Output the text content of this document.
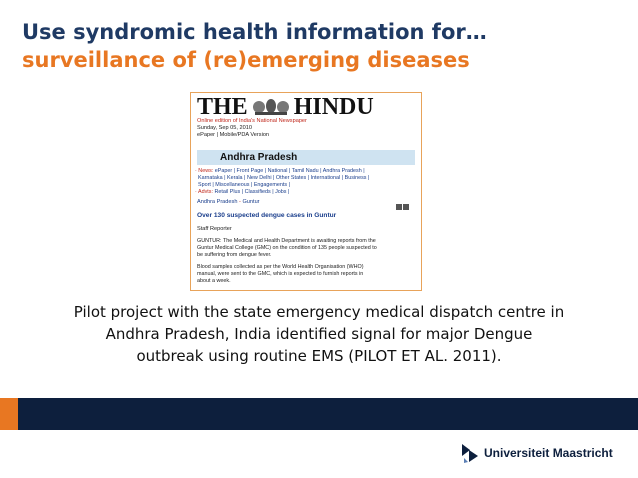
Use syndromic health information for…
surveillance of (re)emerging diseases
THE HINDU
Online edition of India's National Newspaper
Sunday, Sep 05, 2010
ePaper | Mobile/PDA Version
Andhra Pradesh
· News: ePaper | Front Page | National | Tamil Nadu | Andhra Pradesh |
Karnataka | Kerala | New Delhi | Other States | International | Business |
Sport | Miscellaneous | Engagements |
· Advts: Retail Plus | Classifieds | Jobs |
Andhra Pradesh - Guntur
Over 130 suspected dengue cases in Guntur
Staff Reporter
GUNTUR: The Medical and Health Department is awaiting reports from the
Guntur Medical College (GMC) on the condition of 135 people suspected to
be suffering from dengue fever.
Blood samples collected as per the World Health Organisation (WHO)
manual, were sent to the GMC, which is expected to furnish reports in
about a week.
Pilot project with the state emergency medical dispatch centre in
Andhra Pradesh, India identified signal for major Dengue
outbreak using routine EMS (PILOT ET AL. 2011).
Universiteit Maastricht
